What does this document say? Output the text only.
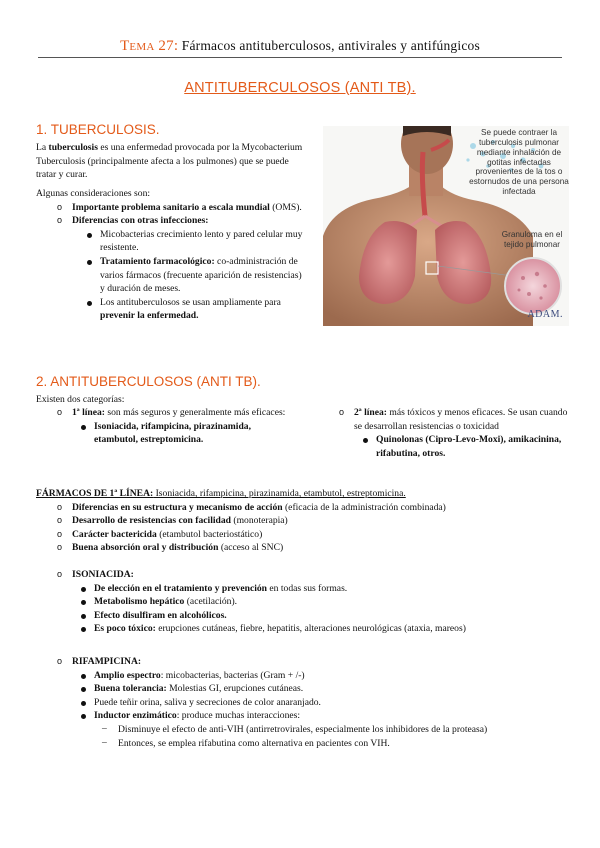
Tema 27: Fármacos antituberculosos, antivirales y antifúngicos
ANTITUBERCULOSOS (ANTI TB).
1. TUBERCULOSIS.
La tuberculosis es una enfermedad provocada por la Mycobacterium Tuberculosis (principalmente afecta a los pulmones) que se puede tratar y curar.
Algunas consideraciones son:
o Importante problema sanitario a escala mundial (OMS).
o Diferencias con otras infecciones:
Micobacterias crecimiento lento y pared celular muy resistente.
Tratamiento farmacológico: co-administración de varios fármacos (frecuente aparición de resistencias) y duración de meses.
Los antituberculosos se usan ampliamente para prevenir la enfermedad.
Se puede contraer la tuberculosis pulmonar mediante inhalación de gotitas infectadas provenientes de la tos o estornudos de una persona infectada
Granuloma en el tejido pulmonar
ADAM.
2. ANTITUBERCULOSOS (ANTI TB).
Existen dos categorías:
o 1ª línea: son más seguros y generalmente más eficaces:
Isoniacida, rifampicina, pirazinamida, etambutol, estreptomicina.
o 2ª línea: más tóxicos y menos eficaces. Se usan cuando se desarrollan resistencias o toxicidad
Quinolonas (Cipro-Levo-Moxi), amikacinina, rifabutina, otros.
FÁRMACOS DE 1ª LÍNEA: Isoniacida, rifampicina, pirazinamida, etambutol, estreptomicina.
o Diferencias en su estructura y mecanismo de acción (eficacia de la administración combinada)
o Desarrollo de resistencias con facilidad (monoterapia)
o Carácter bactericida (etambutol bacteriostático)
o Buena absorción oral y distribución (acceso al SNC)
o ISONIACIDA:
De elección en el tratamiento y prevención en todas sus formas.
Metabolismo hepático (acetilación).
Efecto disulfiram en alcohólicos.
Es poco tóxico: erupciones cutáneas, fiebre, hepatitis, alteraciones neurológicas (ataxia, mareos)
o RIFAMPICINA:
Amplio espectro: micobacterias, bacterias (Gram + /-)
Buena tolerancia: Molestias GI, erupciones cutáneas.
Puede teñir orina, saliva y secreciones de color anaranjado.
Inductor enzimático: produce muchas interacciones:
– Disminuye el efecto de anti-VIH (antirretrovirales, especialmente los inhibidores de la proteasa)
– Entonces, se emplea rifabutina como alternativa en pacientes con VIH.
